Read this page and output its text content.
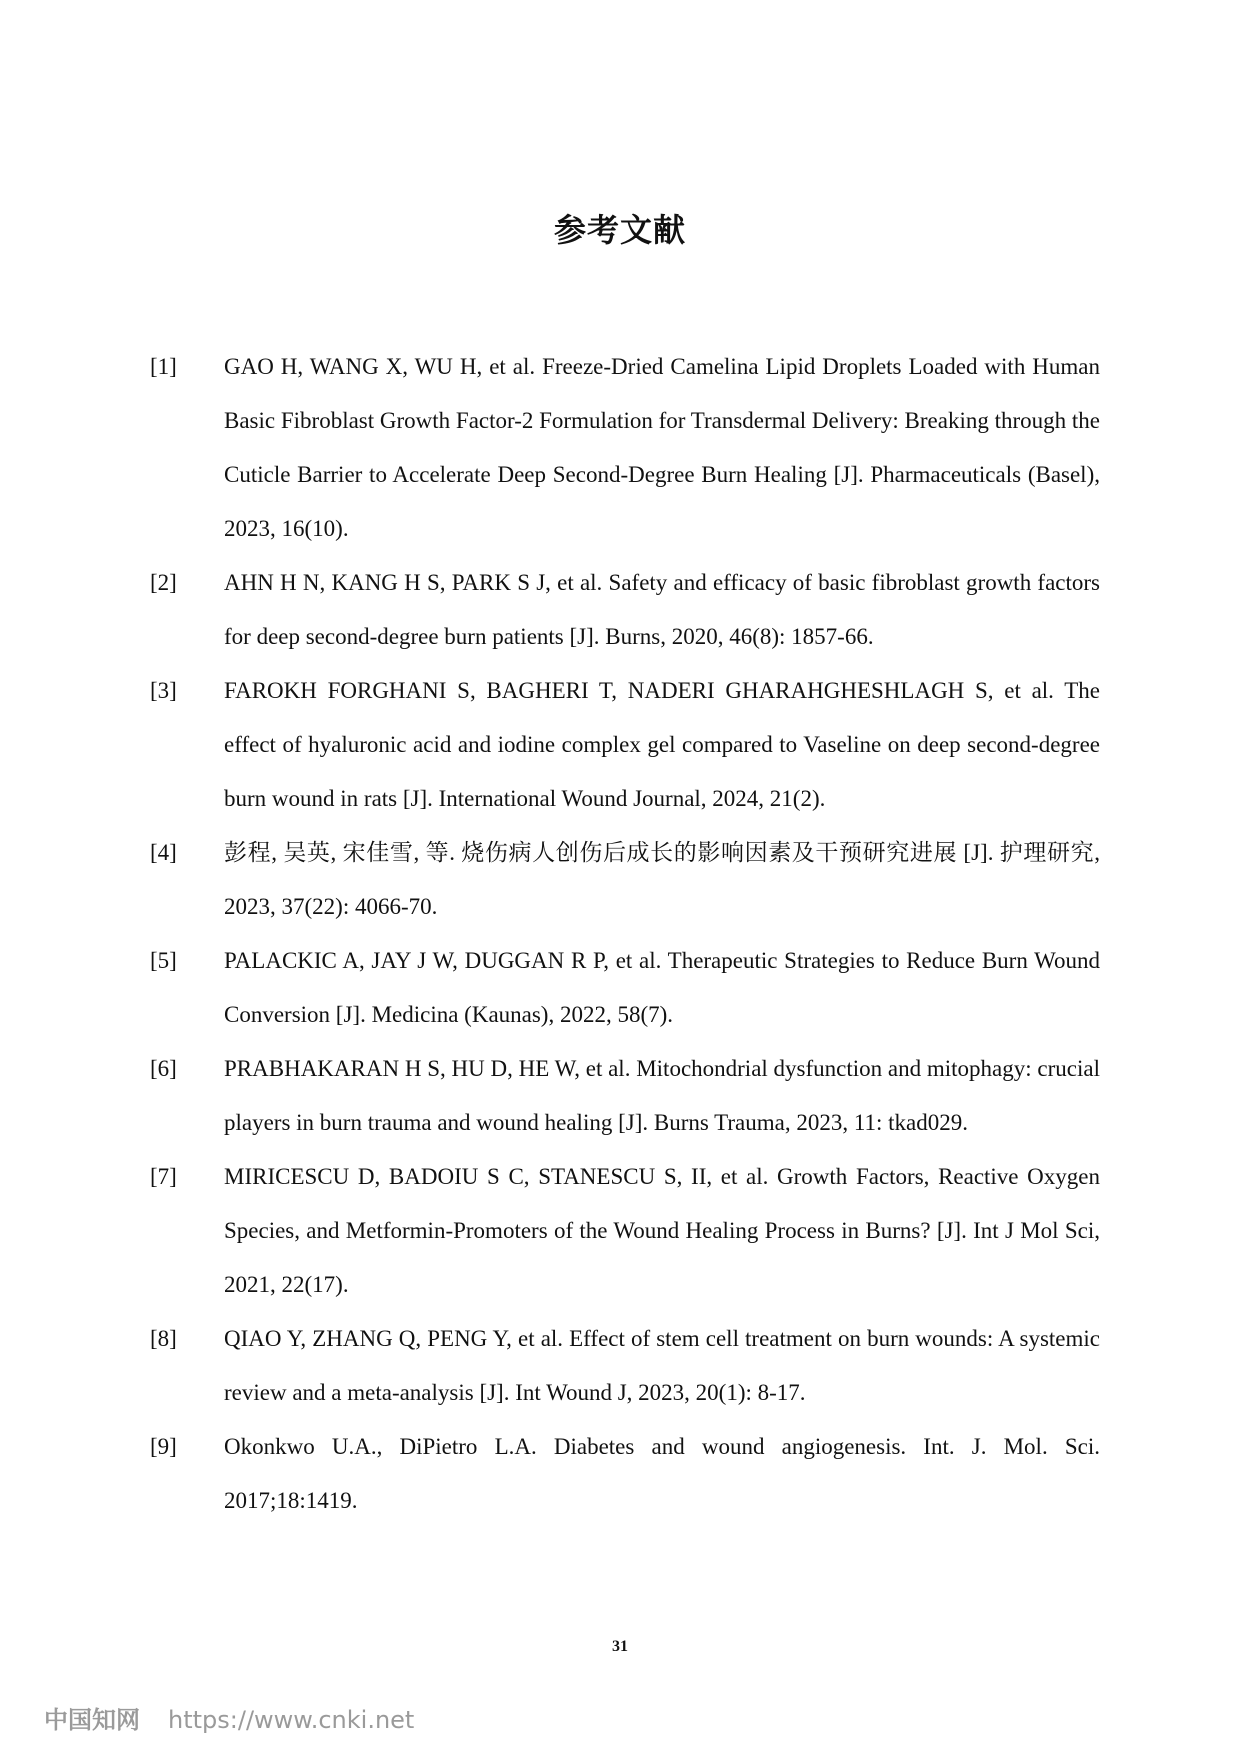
参考文献
[1] GAO H, WANG X, WU H, et al. Freeze-Dried Camelina Lipid Droplets Loaded with Human Basic Fibroblast Growth Factor-2 Formulation for Transdermal Delivery: Breaking through the Cuticle Barrier to Accelerate Deep Second-Degree Burn Healing [J]. Pharmaceuticals (Basel), 2023, 16(10).
[2] AHN H N, KANG H S, PARK S J, et al. Safety and efficacy of basic fibroblast growth factors for deep second-degree burn patients [J]. Burns, 2020, 46(8): 1857-66.
[3] FAROKH FORGHANI S, BAGHERI T, NADERI GHARAHGHESHLAGH S, et al. The effect of hyaluronic acid and iodine complex gel compared to Vaseline on deep second-degree burn wound in rats [J]. International Wound Journal, 2024, 21(2).
[4] 彭程, 吴英, 宋佳雪, 等. 烧伤病人创伤后成长的影响因素及干预研究进展 [J]. 护理研究, 2023, 37(22): 4066-70.
[5] PALACKIC A, JAY J W, DUGGAN R P, et al. Therapeutic Strategies to Reduce Burn Wound Conversion [J]. Medicina (Kaunas), 2022, 58(7).
[6] PRABHAKARAN H S, HU D, HE W, et al. Mitochondrial dysfunction and mitophagy: crucial players in burn trauma and wound healing [J]. Burns Trauma, 2023, 11: tkad029.
[7] MIRICESCU D, BADOIU S C, STANESCU S, II, et al. Growth Factors, Reactive Oxygen Species, and Metformin-Promoters of the Wound Healing Process in Burns? [J]. Int J Mol Sci, 2021, 22(17).
[8] QIAO Y, ZHANG Q, PENG Y, et al. Effect of stem cell treatment on burn wounds: A systemic review and a meta-analysis [J]. Int Wound J, 2023, 20(1): 8-17.
[9] Okonkwo U.A., DiPietro L.A. Diabetes and wound angiogenesis. Int. J. Mol. Sci. 2017;18:1419.
31
中国知网 https://www.cnki.net
